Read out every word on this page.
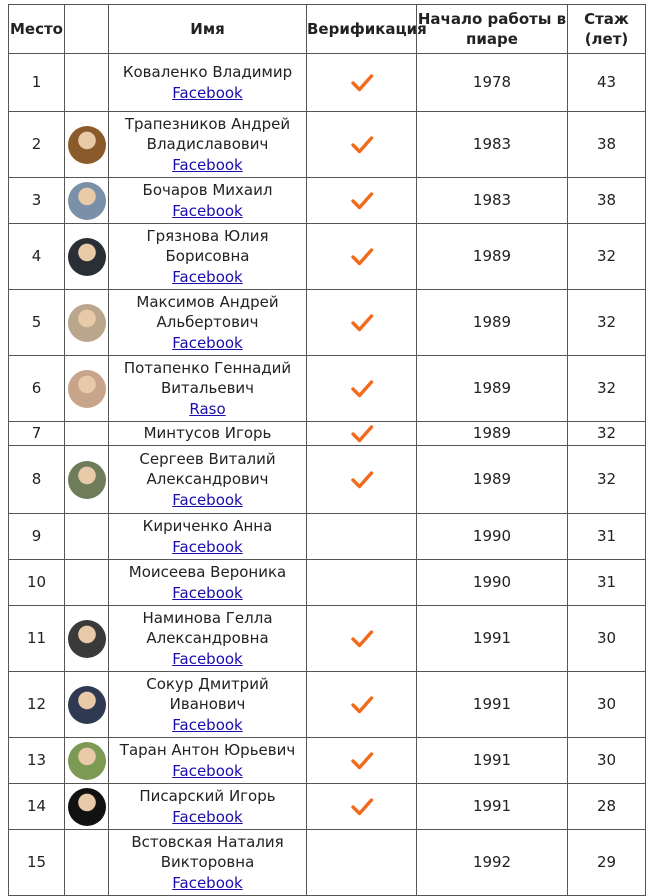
Место		Имя	Верификация	Начало работы в пиаре	Стаж (лет)
1		Коваленко Владимир
Facebook		1978	43
2		Трапезников Андрей
Владиславович
Facebook		1983	38
3		Бочаров Михаил
Facebook		1983	38
4		Грязнова Юлия
Борисовна
Facebook		1989	32
5		Максимов Андрей
Альбертович
Facebook		1989	32
6		Потапенко Геннадий
Витальевич
Raso		1989	32
7		Минтусов Игорь		1989	32
8		Сергеев Виталий
Александрович
Facebook		1989	32
9		Кириченко Анна
Facebook		1990	31
10		Моисеева Вероника
Facebook		1990	31
11		Наминова Гелла
Александровна
Facebook		1991	30
12		Сокур Дмитрий
Иванович
Facebook		1991	30
13		Таран Антон Юрьевич
Facebook		1991	30
14		Писарский Игорь
Facebook		1991	28
15		Встовская Наталия
Викторовна
Facebook		1992	29
